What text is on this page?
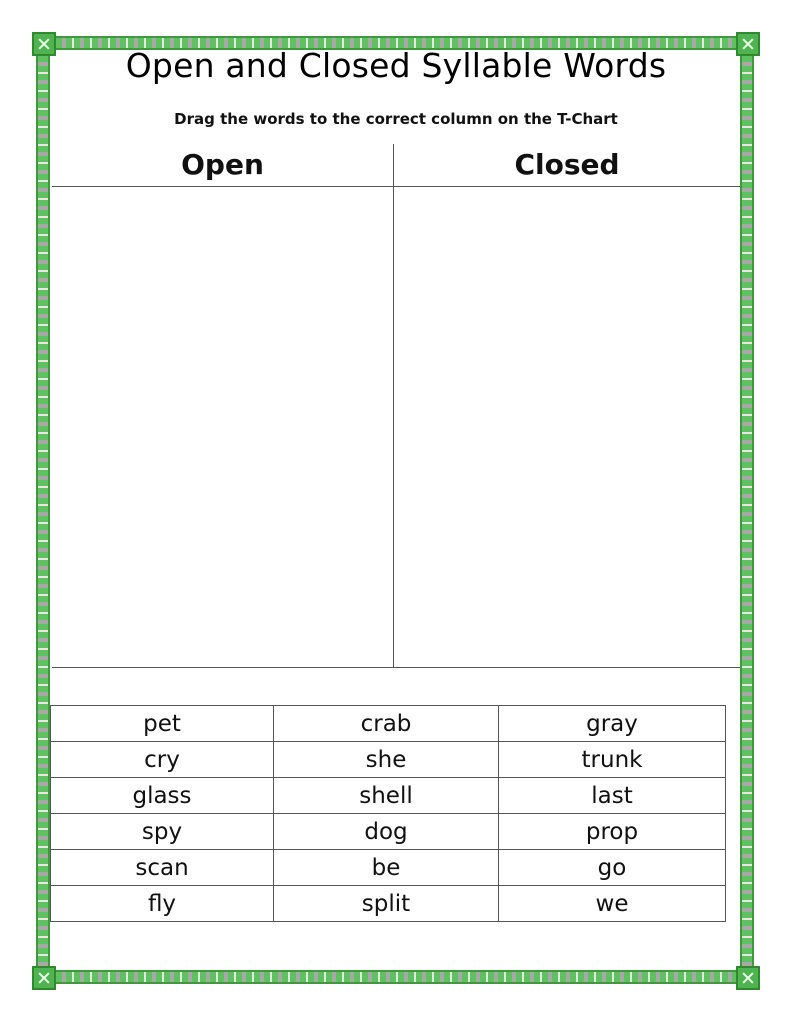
Open and Closed Syllable Words
Drag the words to the correct column on the T-Chart
Open	Closed
pet	crab	gray
cry	she	trunk
glass	shell	last
spy	dog	prop
scan	be	go
fly	split	we
